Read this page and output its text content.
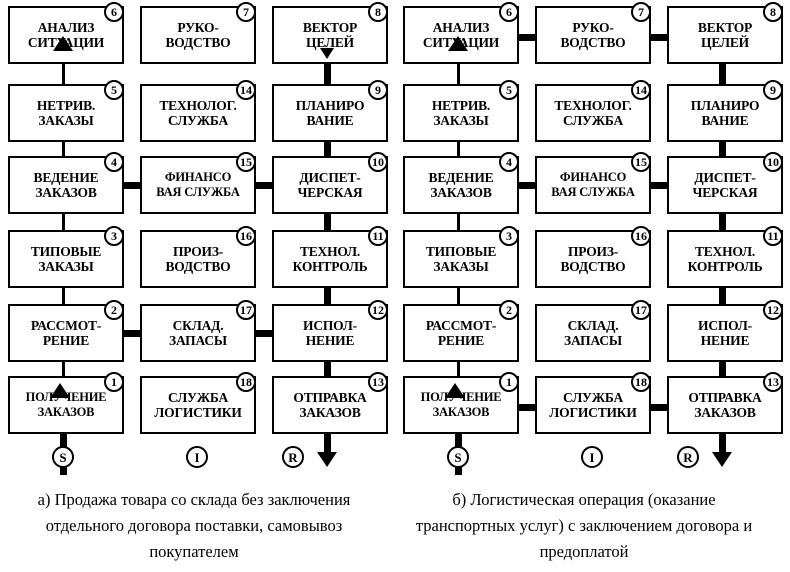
АНАЛИЗ
СИТУАЦИИ
6
РУКО-
ВОДСТВО
7
ВЕКТОР
ЦЕЛЕЙ
8
НЕТРИВ.
ЗАКАЗЫ
5
ТЕХНОЛОГ.
СЛУЖБА
14
ПЛАНИРО
ВАНИЕ
9
ВЕДЕНИЕ
ЗАКАЗОВ
4
ФИНАНСО
ВАЯ СЛУЖБА
15
ДИСПЕТ-
ЧЕРСКАЯ
10
ТИПОВЫЕ
ЗАКАЗЫ
3
ПРОИЗ-
ВОДСТВО
16
ТЕХНОЛ.
КОНТРОЛЬ
11
РАССМОТ-
РЕНИЕ
2
СКЛАД.
ЗАПАСЫ
17
ИСПОЛ-
НЕНИЕ
12
ПОЛУЧЕНИЕ
ЗАКАЗОВ
1
СЛУЖБА
ЛОГИСТИКИ
18
ОТПРАВКА
ЗАКАЗОВ
13
S	I	R
АНАЛИЗ
СИТУАЦИИ
6
РУКО-
ВОДСТВО
7
ВЕКТОР
ЦЕЛЕЙ
8
НЕТРИВ.
ЗАКАЗЫ
5
ТЕХНОЛОГ.
СЛУЖБА
14
ПЛАНИРО
ВАНИЕ
9
ВЕДЕНИЕ
ЗАКАЗОВ
4
ФИНАНСО
ВАЯ СЛУЖБА
15
ДИСПЕТ-
ЧЕРСКАЯ
10
ТИПОВЫЕ
ЗАКАЗЫ
3
ПРОИЗ-
ВОДСТВО
16
ТЕХНОЛ.
КОНТРОЛЬ
11
РАССМОТ-
РЕНИЕ
2
СКЛАД.
ЗАПАСЫ
17
ИСПОЛ-
НЕНИЕ
12
ПОЛУЧЕНИЕ
ЗАКАЗОВ
1
СЛУЖБА
ЛОГИСТИКИ
18
ОТПРАВКА
ЗАКАЗОВ
13
S	I	R
а) Продажа товара со склада без заключения отдельного договора поставки, самовывоз покупателем
б) Логистическая операция (оказание транспортных услуг) с заключением договора и предоплатой
